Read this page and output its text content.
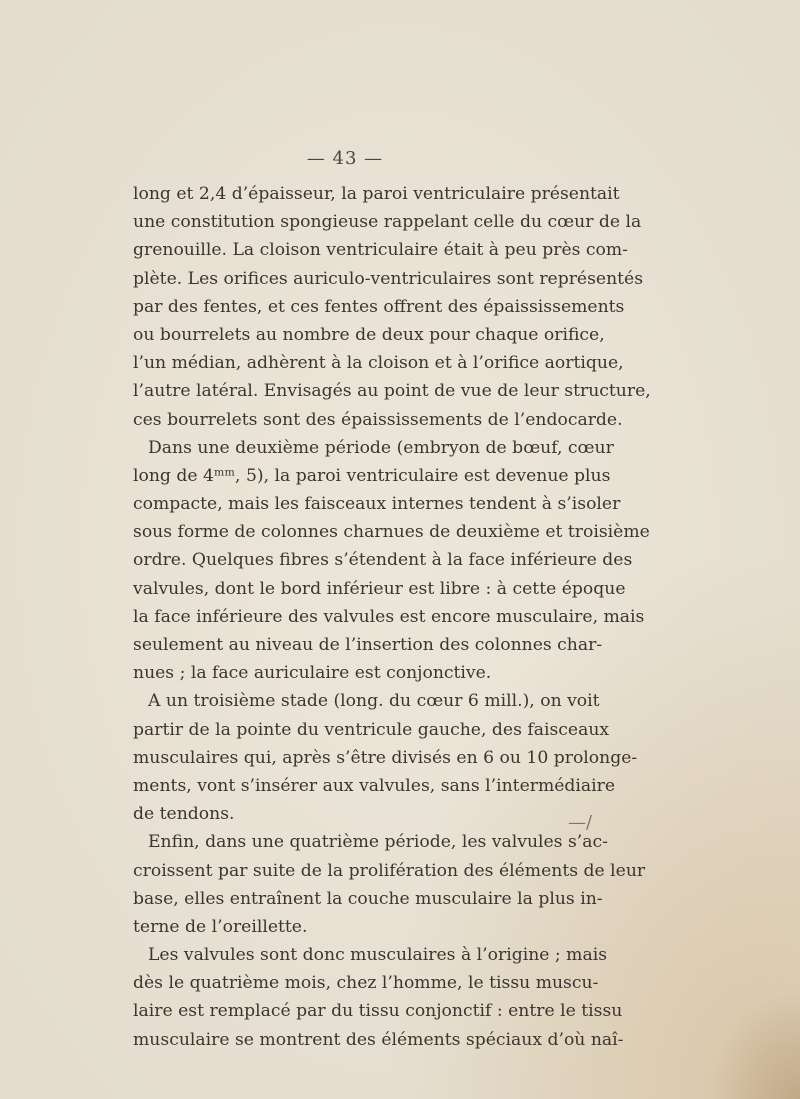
— 43 —
long et 2,4 d’épaisseur, la paroi ventriculaire présentait
une constitution spongieuse rappelant celle du cœur de la
grenouille. La cloison ventriculaire était à peu près com-
plète. Les orifices auriculo-ventriculaires sont représentés
par des fentes, et ces fentes offrent des épaississements
ou bourrelets au nombre de deux pour chaque orifice,
l’un médian, adhèrent à la cloison et à l’orifice aortique,
l’autre latéral. Envisagés au point de vue de leur structure,
ces bourrelets sont des épaississements de l’endocarde.
Dans une deuxième période (embryon de bœuf, cœur
long de 4ᵐᵐ, 5), la paroi ventriculaire est devenue plus
compacte, mais les faisceaux internes tendent à s’isoler
sous forme de colonnes charnues de deuxième et troisième
ordre. Quelques fibres s’étendent à la face inférieure des
valvules, dont le bord inférieur est libre : à cette époque
la face inférieure des valvules est encore musculaire, mais
seulement au niveau de l’insertion des colonnes char-
nues ; la face auriculaire est conjonctive.
A un troisième stade (long. du cœur 6 mill.), on voit
partir de la pointe du ventricule gauche, des faisceaux
musculaires qui, après s’être divisés en 6 ou 10 prolonge-
ments, vont s’insérer aux valvules, sans l’intermédiaire
de tendons.
Enfin, dans une quatrième période, les valvules s’ac-
croissent par suite de la prolifération des éléments de leur
base, elles entraînent la couche musculaire la plus in-
terne de l’oreillette.
Les valvules sont donc musculaires à l’origine ; mais
dès le quatrième mois, chez l’homme, le tissu muscu-
laire est remplacé par du tissu conjonctif : entre le tissu
musculaire se montrent des éléments spéciaux d’où naî-
—/
